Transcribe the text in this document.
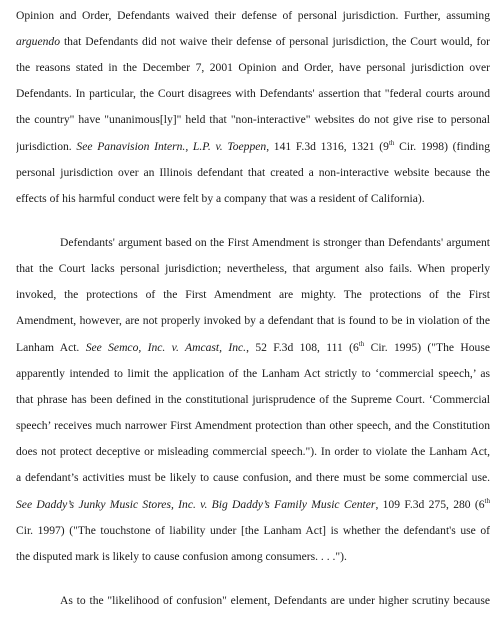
Opinion and Order, Defendants waived their defense of personal jurisdiction. Further, assuming
arguendo that Defendants did not waive their defense of personal jurisdiction, the Court would, for
the reasons stated in the December 7, 2001 Opinion and Order, have personal jurisdiction over
Defendants. In particular, the Court disagrees with Defendants' assertion that "federal courts around
the country" have "unanimous[ly]" held that "non-interactive" websites do not give rise to personal
jurisdiction. See Panavision Intern., L.P. v. Toeppen, 141 F.3d 1316, 1321 (9th Cir. 1998) (finding
personal jurisdiction over an Illinois defendant that created a non-interactive website because the
effects of his harmful conduct were felt by a company that was a resident of California).
Defendants' argument based on the First Amendment is stronger than Defendants' argument
that the Court lacks personal jurisdiction; nevertheless, that argument also fails. When properly
invoked, the protections of the First Amendment are mighty. The protections of the First
Amendment, however, are not properly invoked by a defendant that is found to be in violation of the
Lanham Act. See Semco, Inc. v. Amcast, Inc., 52 F.3d 108, 111 (6th Cir. 1995) ("The House
apparently intended to limit the application of the Lanham Act strictly to ‘commercial speech,’ as
that phrase has been defined in the constitutional jurisprudence of the Supreme Court. ‘Commercial
speech’ receives much narrower First Amendment protection than other speech, and the Constitution
does not protect deceptive or misleading commercial speech."). In order to violate the Lanham Act,
a defendant’s activities must be likely to cause confusion, and there must be some commercial use.
See Daddy’s Junky Music Stores, Inc. v. Big Daddy’s Family Music Center, 109 F.3d 275, 280 (6th
Cir. 1997) ("The touchstone of liability under [the Lanham Act] is whether the defendant's use of
the disputed mark is likely to cause confusion among consumers. . . .").
As to the "likelihood of confusion" element, Defendants are under higher scrutiny because
